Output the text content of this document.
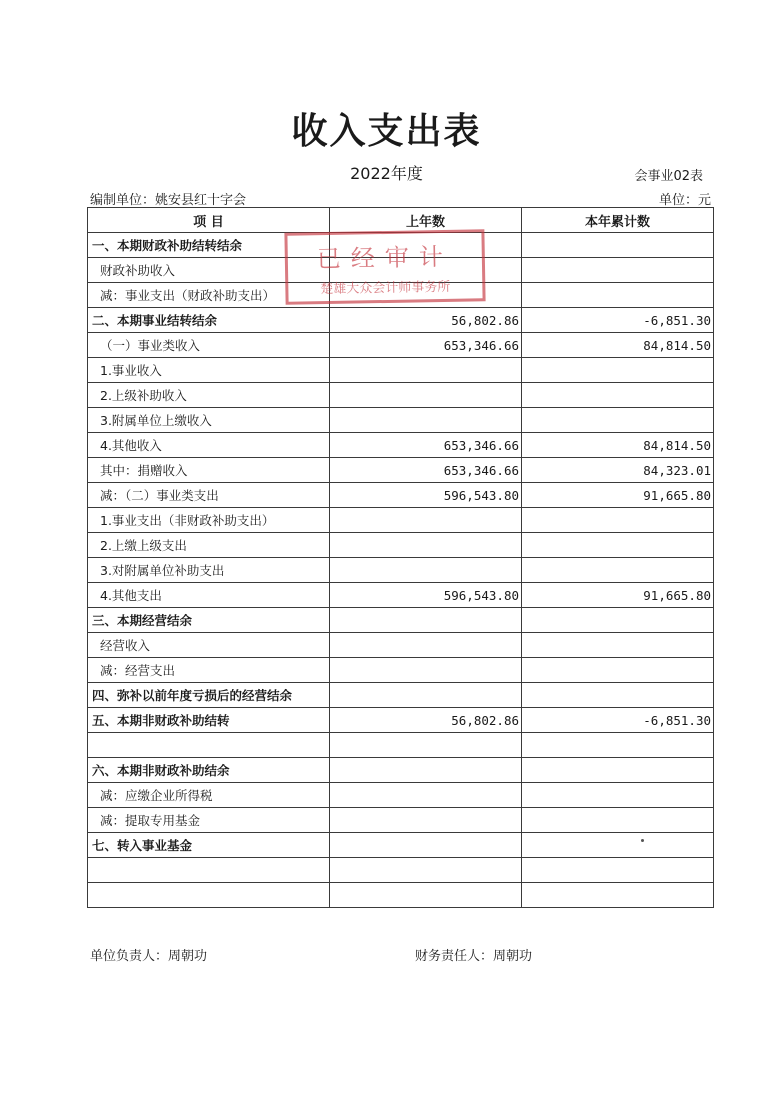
收入支出表
2022年度	会事业02表
编制单位：姚安县红十字会	单位：元
项 目	上年数	本年累计数
一、本期财政补助结转结余		
财政补助收入		
减：事业支出（财政补助支出）		
二、本期事业结转结余	56,802.86	-6,851.30
（一）事业类收入	653,346.66	84,814.50
1.事业收入		
2.上级补助收入		
3.附属单位上缴收入		
4.其他收入	653,346.66	84,814.50
其中：捐赠收入	653,346.66	84,323.01
减：（二）事业类支出	596,543.80	91,665.80
1.事业支出（非财政补助支出）		
2.上缴上级支出		
3.对附属单位补助支出		
4.其他支出	596,543.80	91,665.80
三、本期经营结余		
经营收入		
减：经营支出		
四、弥补以前年度亏损后的经营结余		
五、本期非财政补助结转	56,802.86	-6,851.30

六、本期非财政补助结余		
减：应缴企业所得税		
减：提取专用基金		
七、转入事业基金		

已经审计
楚雄大众会计师事务所
单位负责人：周朝功	财务责任人：周朝功
